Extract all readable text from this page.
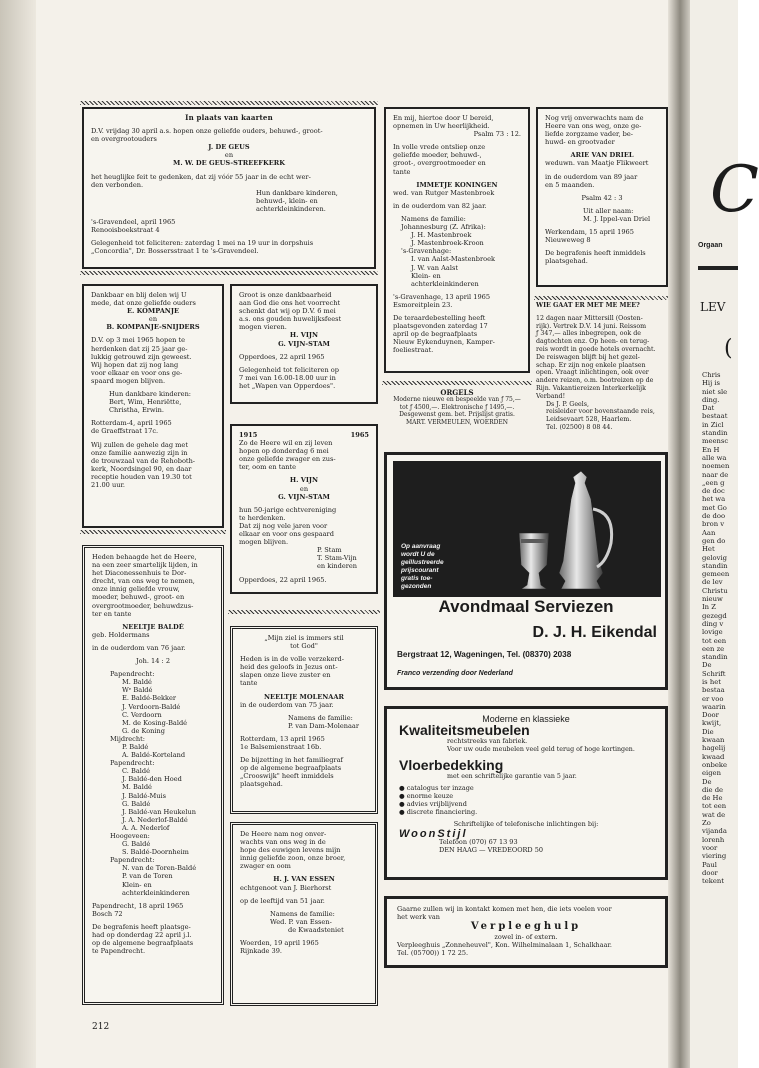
In plaats van kaarten

D.V. vrijdag 30 april a.s. hopen onze geliefde ouders, behuwd-, groot-

en overgrootouders

J. DE GEUS

en

M. W. DE GEUS-STREEFKERK

het heuglijke feit te gedenken, dat zij vóór 55 jaar in de echt wer-

den verbonden.

Hun dankbare kinderen,

behuwd-, klein- en

achterkleinkinderen.

's-Gravendeel, april 1965

Renooisboekstraat 4

Gelegenheid tot feliciteren: zaterdag 1 mei na 19 uur in dorpshuis

„Concordia", Dr. Bossersstraat 1 te 's-Gravendeel.

Dankbaar en blij delen wij U

mede, dat onze geliefde ouders

E. KOMPANJE

en

B. KOMPANJE-SNIJDERS

D.V. op 3 mei 1965 hopen te

herdenken dat zij 25 jaar ge-

lukkig getrouwd zijn geweest.

Wij hopen dat zij nog lang

voor elkaar en voor ons ge-

spaard mogen blijven.

Hun dankbare kinderen:

Bert, Wim, Henriëtte,

Christha, Erwin.

Rotterdam-4, april 1965

de Graeffstraat 17c.

Wij zullen de gehele dag met

onze familie aanwezig zijn in

de trouwzaal van de Rehoboth-

kerk, Noordsingel 90, en daar

receptie houden van 19.30 tot

21.00 uur.

Groot is onze dankbaarheid

aan God die ons het voorrecht

schenkt dat wij op D.V. 6 mei

a.s. ons gouden huwelijksfeest

mogen vieren.

H. VIJN

G. VIJN-STAM

Opperdoes, 22 april 1965

Gelegenheid tot feliciteren op

7 mei van 16.00-18.00 uur in

het „Wapen van Opperdoes".

1915	1965

Zo de Heere wil en zij leven

hopen op donderdag 6 mei

onze geliefde zwager en zus-

ter, oom en tante

H. VIJN

en

G. VIJN-STAM

hun 50-jarige echtvereniging

te herdenken.

Dat zij nog vele jaren voor

elkaar en voor ons gespaard

mogen blijven.

P. Stam

T. Stam-Vijn

en kinderen

Opperdoes, 22 april 1965.

Heden behaagde het de Heere,

na een zeer smartelijk lijden, in

het Diaconessenhuis te Dor-

drecht, van ons weg te nemen,

onze innig geliefde vrouw,

moeder, behuwd-, groot- en

overgrootmoeder, behuwdzus-

ter en tante

NEELTJE BALDÉ

geb. Holdermans

in de ouderdom van 76 jaar.

Joh. 14 : 2

Papendrecht:

M. Baldé

Wᵉ Baldé

E. Baldé-Bekker

J. Verdoorn-Baldé

C. Verdoorn

M. de Kosing-Baldé

G. de Koning

Mijdrecht:

P. Baldé

A. Baldé-Korteland

Papendrecht:

C. Baldé

J. Baldé-den Hoed

M. Baldé

J. Baldé-Muis

G. Baldé

J. Baldé-van Heukelun

J. A. Nederlof-Baldé

A. A. Nederlof

Hoogeveen:

G. Baldé

S. Baldé-Doornheim

Papendrecht:

N. van de Toren-Baldé

P. van de Toren

Klein- en

achterkleinkinderen

Papendrecht, 18 april 1965

Bosch 72

De begrafenis heeft plaatsge-

had op donderdag 22 april j.l.

op de algemene begraafplaats

te Papendrecht.

„Mijn ziel is immers stil

tot God"

Heden is in de volle verzekerd-

heid des geloofs in Jezus ont-

slapen onze lieve zuster en

tante

NEELTJE MOLENAAR

in de ouderdom van 75 jaar.

Namens de familie:

P. van Dam-Molenaar

Rotterdam, 13 april 1965

1e Balsemienstraat 16b.

De bijzetting in het familiegraf

op de algemene begraafplaats

„Crooswijk" heeft inmiddels

plaatsgehad.

De Heere nam nog onver-

wachts van ons weg in de

hope des euwigen levens mijn

innig geliefde zoon, onze broer,

zwager en oom

H. J. VAN ESSEN

echtgenoot van J. Bierhorst

op de leeftijd van 51 jaar.

Namens de familie:

Wed. P. van Essen-

de Kwaadsteniet

Woerden, 19 april 1965

Rijnkade 39.

En mij, hiertoe door U bereid,

opnemen in Uw heerlijkheid.

Psalm 73 : 12.

In volle vrede ontsliep onze

geliefde moeder, behuwd-,

groot-, overgrootmoeder en

tante

IMMETJE KONINGEN

wed. van Rutger Mastenbroek

in de ouderdom van 82 jaar.

Namens de familie:

Johannesburg (Z. Afrika):

J. H. Mastenbroek

J. Mastenbroek-Kroon

's-Gravenhage:

I. van Aalst-Mastenbroek

J. W. van Aalst

Klein- en

achterkleinkinderen

's-Gravenhage, 13 april 1965

Esmoreitplein 23.

De teraardebestelling heeft

plaatsgevonden zaterdag 17

april op de begraafplaats

Nieuw Eykenduynen, Kamper-

foeliestraat.

Nog vrij onverwachts nam de

Heere van ons weg, onze ge-

liefde zorgzame vader, be-

huwd- en grootvader

ARIE VAN DRIEL

weduwn. van Maatje Flikweert

in de ouderdom van 89 jaar

en 5 maanden.

Psalm 42 : 3

Uit aller naam:

M. J. Ippel-van Driel

Werkendam, 15 april 1965

Nieuweweg 8

De begrafenis heeft inmiddels

plaatsgehad.

WIE GAAT ER MET ME MEE?

12 dagen naar Mittersill (Oosten-

rijk). Vertrek D.V. 14 juni. Reissom

ƒ 347,— alles inbegrepen, ook de

dagtochten enz. Op heen- en terug-

reis wordt in goede hotels overnacht.

De reiswagen blijft bij het gezel-

schap. Er zijn nog enkele plaatsen

open. Vraagt inlichtingen, ook over

andere reizen, o.m. bootreizen op de

Rijn. Vakantiereizen Interkerkelijk

Verband!

Ds J. P. Geels,

reisleider voor bovenstaande reis,

Leidsevaart 528, Haarlem.

Tel. (02500) 8 08 44.

ORGELS

Moderne nieuwe en bespeelde van ƒ 75,—

tot ƒ 4500,—. Elektronische ƒ 1495,—.

Desgewenst gem. bet. Prijslijst gratis.

MART. VERMEULEN, WOERDEN

Op aanvraag

wordt U de

geïllustreerde

prijscourant

gratis toe-

gezonden

Avondmaal Serviezen

D. J. H. Eikendal

Bergstraat 12, Wageningen, Tel. (08370) 2038

Franco verzending door Nederland

Moderne en klassieke

Kwaliteitsmeubelen

rechtstreeks van fabriek.

Voor uw oude meubelen veel geld terug of hoge kortingen.

Vloerbedekking

met een schriftelijke garantie van 5 jaar.

● catalogus ter inzage

● enorme keuze

● advies vrijblijvend

● discrete financiering.

Schriftelijke of telefonische inlichtingen bij:

WoonStijl

Telefoon (070) 67 13 93

DEN HAAG — VREDEOORD 50

Gaarne zullen wij in kontakt komen met hen, die iets voelen voor

het werk van

Verpleeghulp

zowel in- of extern.

Verpleeghuis „Zonneheuvel", Kon. Wilhelminalaan 1, Schalkhaar.

Tel. (05700)) 1 72 25.

212

C

Orgaan

LEV

(

Chris

Hij is

niet sle

ding.

Dat

bestaat

in Zicl

standin

meensc

En H

alle wa

noemen

naar de

„een g

de doc

het wa

met Go

de doo

bron v

Aan

gen do

Het

gelovig

standin

gemeen

de lev

Christu

nieuw

In Z

gezegd

ding v

lovige

tot een

een ze

standin

De

Schrift

is het

bestaa

er voo

waarin

Door

kwijt,

Die

kwaan

hagelij

kwaad

onbeke

eigen

De

die de

de He

tot een

wat de

Zo

vijanda

lorenh

voor

viering

Paul

door

tekent
